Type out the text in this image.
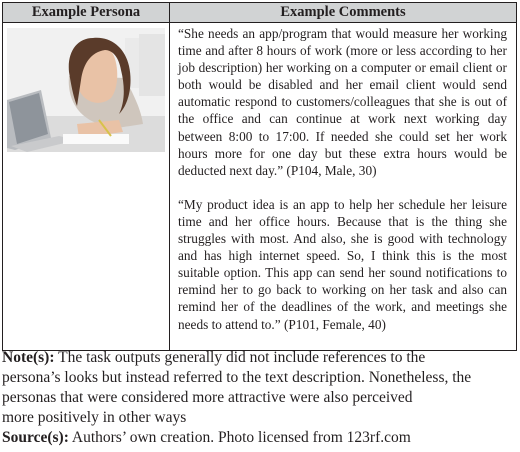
Example Persona	Example Comments

“She needs an app/program that would measure her working time and after 8 hours of work (more or less according to her job description) her working on a computer or email client or both would be disabled and her email client would send automatic respond to customers/colleagues that she is out of the office and can continue at work next working day between 8:00 to 17:00. If needed she could set her work hours more for one day but these extra hours would be deducted next day.” (P104, Male, 30)

“My product idea is an app to help her schedule her leisure time and her office hours. Because that is the thing she struggles with most. And also, she is good with technology and has high internet speed. So, I think this is the most suitable option. This app can send her sound notifications to remind her to go back to working on her task and also can remind her of the deadlines of the work, and meetings she needs to attend to.” (P101, Female, 40)

Note(s): The task outputs generally did not include references to the
persona’s looks but instead referred to the text description. Nonetheless, the
personas that were considered more attractive were also perceived
more positively in other ways

Source(s): Authors’ own creation. Photo licensed from 123rf.com
